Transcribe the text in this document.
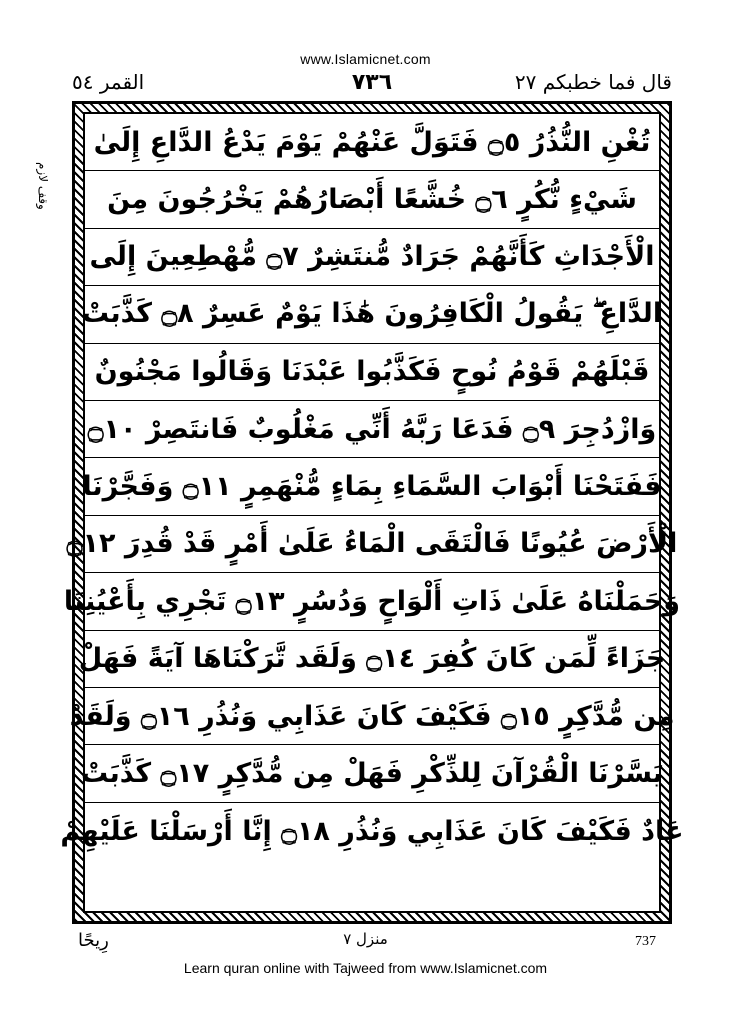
www.Islamicnet.com
القمر ٥٤	٧٣٦	قال فما خطبكم ٢٧
وقف لازم
تُغْنِ النُّذُرُ ۝٥ فَتَوَلَّ عَنْهُمْ يَوْمَ يَدْعُ الدَّاعِ إِلَىٰ
شَيْءٍ نُّكُرٍ ۝٦ خُشَّعًا أَبْصَارُهُمْ يَخْرُجُونَ مِنَ
الْأَجْدَاثِ كَأَنَّهُمْ جَرَادٌ مُّنتَشِرٌ ۝٧ مُّهْطِعِينَ إِلَى
الدَّاعِ ۖ يَقُولُ الْكَافِرُونَ هَٰذَا يَوْمٌ عَسِرٌ ۝٨ كَذَّبَتْ
قَبْلَهُمْ قَوْمُ نُوحٍ فَكَذَّبُوا عَبْدَنَا وَقَالُوا مَجْنُونٌ
وَازْدُجِرَ ۝٩ فَدَعَا رَبَّهُ أَنِّي مَغْلُوبٌ فَانتَصِرْ ۝١٠
فَفَتَحْنَا أَبْوَابَ السَّمَاءِ بِمَاءٍ مُّنْهَمِرٍ ۝١١ وَفَجَّرْنَا
الْأَرْضَ عُيُونًا فَالْتَقَى الْمَاءُ عَلَىٰ أَمْرٍ قَدْ قُدِرَ ۝١٢
وَحَمَلْنَاهُ عَلَىٰ ذَاتِ أَلْوَاحٍ وَدُسُرٍ ۝١٣ تَجْرِي بِأَعْيُنِنَا
جَزَاءً لِّمَن كَانَ كُفِرَ ۝١٤ وَلَقَد تَّرَكْنَاهَا آيَةً فَهَلْ
مِن مُّدَّكِرٍ ۝١٥ فَكَيْفَ كَانَ عَذَابِي وَنُذُرِ ۝١٦ وَلَقَدْ
يَسَّرْنَا الْقُرْآنَ لِلذِّكْرِ فَهَلْ مِن مُّدَّكِرٍ ۝١٧ كَذَّبَتْ
عَادٌ فَكَيْفَ كَانَ عَذَابِي وَنُذُرِ ۝١٨ إِنَّا أَرْسَلْنَا عَلَيْهِمْ
رِيحًا	منزل ٧	737
Learn quran online with Tajweed from www.Islamicnet.com
